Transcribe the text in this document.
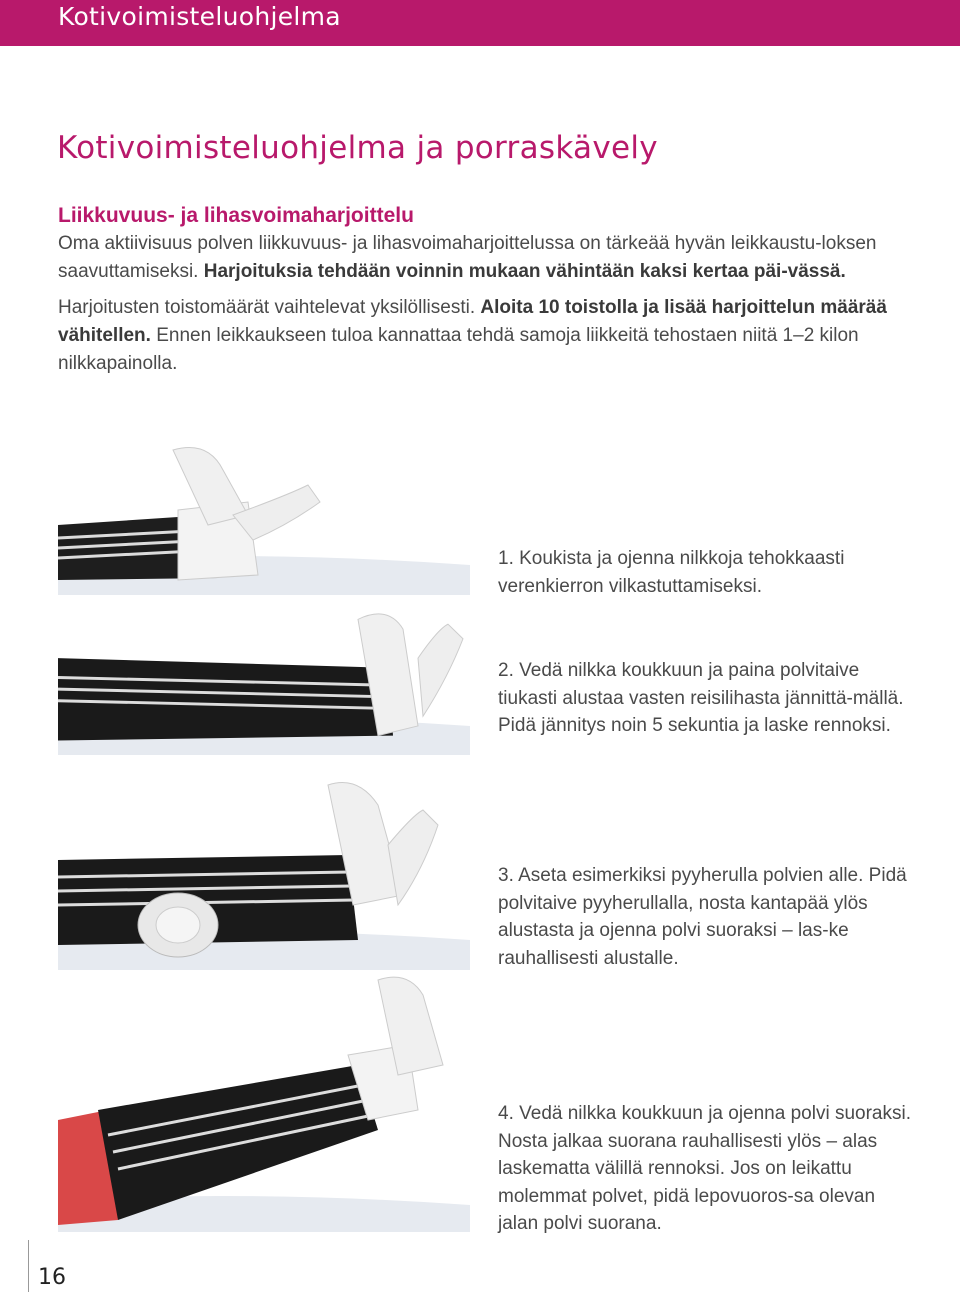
Kotivoimisteluohjelma
Kotivoimisteluohjelma ja porraskävely
Liikkuvuus- ja lihasvoimaharjoittelu

Oma aktiivisuus polven liikkuvuus- ja lihasvoimaharjoittelussa on tärkeää hyvän leikkaustu-loksen saavuttamiseksi. Harjoituksia tehdään voinnin mukaan vähintään kaksi kertaa päi-vässä.

Harjoitusten toistomäärät vaihtelevat yksilöllisesti. Aloita 10 toistolla ja lisää harjoittelun määrää vähitellen. Ennen leikkaukseen tuloa kannattaa tehdä samoja liikkeitä tehostaen niitä 1–2 kilon nilkkapainolla.

1. Koukista ja ojenna nilkkoja tehokkaasti verenkierron vilkastuttamiseksi.
2. Vedä nilkka koukkuun ja paina polvitaive tiukasti alustaa vasten reisilihasta jännittä-mällä. Pidä jännitys noin 5 sekuntia ja laske rennoksi.
3. Aseta esimerkiksi pyyherulla polvien alle. Pidä polvitaive pyyherullalla, nosta kantapää ylös alustasta ja ojenna polvi suoraksi – las-ke rauhallisesti alustalle.
4. Vedä nilkka koukkuun ja ojenna polvi suoraksi. Nosta jalkaa suorana rauhallisesti ylös – alas laskematta välillä rennoksi. Jos on leikattu molemmat polvet, pidä lepovuoros-sa olevan jalan polvi suorana.
16
